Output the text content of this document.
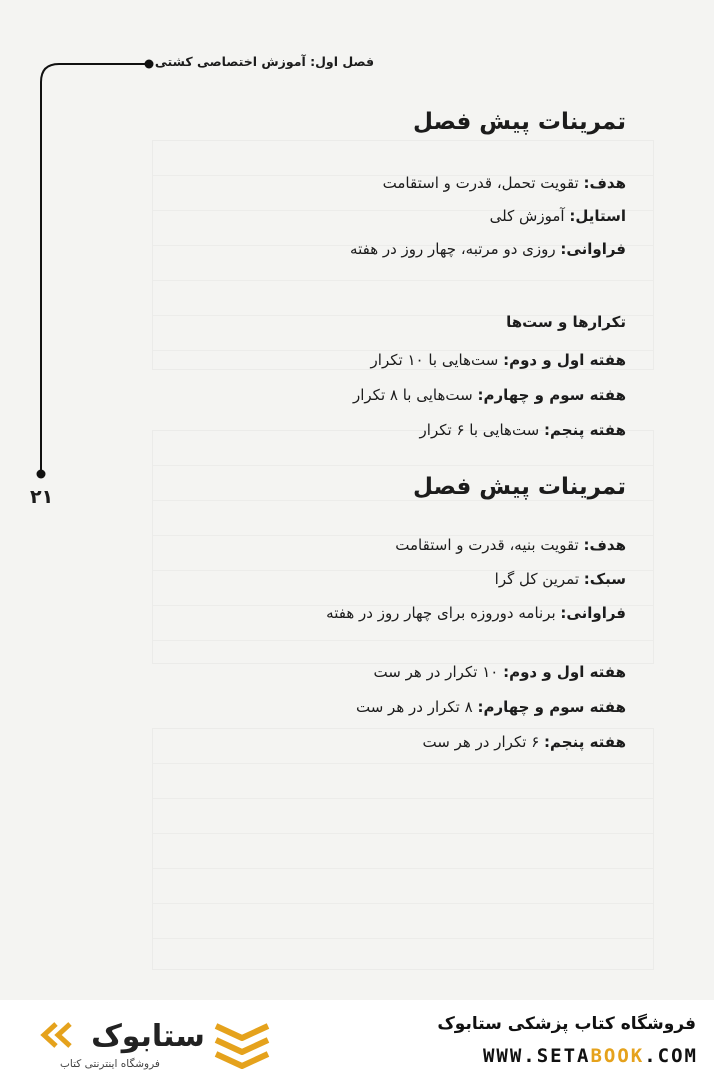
فصل اول: آموزش اختصاصی کشتی
۲۱

تمرینات پیش فصل

هدف: تقویت تحمل، قدرت و استقامت

استایل: آموزش کلی

فراوانی: روزی دو مرتبه، چهار روز در هفته

تکرارها و ست‌ها

هفته اول و دوم: ست‌هایی با ۱۰ تکرار

هفته سوم و چهارم: ست‌هایی با ۸ تکرار

هفته پنجم: ست‌هایی با ۶ تکرار

تمرینات پیش فصل

هدف: تقویت بنیه، قدرت و استقامت

سبک: تمرین کل گرا

فراوانی: برنامه دوروزه برای چهار روز در هفته

هفته اول و دوم: ۱۰ تکرار در هر ست

هفته سوم و چهارم: ۸ تکرار در هر ست

هفته پنجم: ۶ تکرار در هر ست

ستابوک
فروشگاه اینترنتی کتاب
فروشگاه کتاب پزشکی ستابوک
WWW.SETABOOK.COM
